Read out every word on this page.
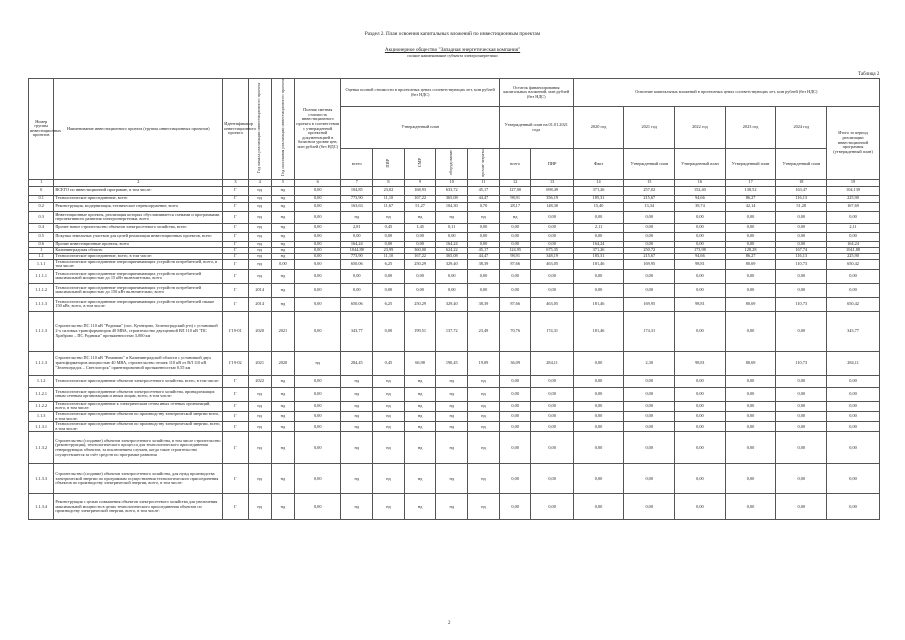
Раздел 2. План освоения капитальных вложений по инвестиционным проектам
Акционерное общество "Западная энергетическая компания"
полное наименование субъекта электроэнергетики
Таблица 2
Номер группы инвестиционных проектов	Наименование инвестиционного проекта (группы инвестиционных проектов)	Идентификатор инвестиционного проекта	Год начала реализации инвестиционного проекта	Год окончания реализации инвестиционного проекта	Полная сметная стоимость инвестиционного проекта в соответствии с утвержденной проектной документацией в базисном уровне цен, млн рублей (без НДС)	Оценка полной стоимости в прогнозных ценах соответствующих лет, млн рублей (без НДС)					Остаток финансирования капитальных вложений, млн рублей (без НДС)		Освоение капитальных вложений в прогнозных ценах соответствующих лет, млн рублей (без НДС)					
						Утвержденный план					Утвержденный план на 01.01.2021 года		2020 год	2021 год	2022 год	2023 год	2024 год	Итого за период реализации инвестиционной программы (утвержденный план)
						всего	ПИР	СМР	оборудование	прочие затраты	всего	ПИР	Факт	Утвержденный план	Утвержденный план	Утвержденный план	Утвержденный план	
1	2	3	4	5	6	7	8	9	10	11	12	13	14	15	16	17	18	19
0	ВСЕГО по инвестиционной программе, в том числе:	Г	нд	нд	0,00	104,85	23,02	168,93	633,72	45,17	127,00	698,49	371,26	257,02	152,40	138,52	163,47	104,139
0.1	Технологическое присоединение, всего	Г	нд	нд	0,00	773,90	11,10	167,22	365,08	44,47	98,91	356,19	185,31	215,67	94,66	86,27	116,13	225,90
0.2	Реконструкция, модернизация, техническое перевооружение, всего	Г	нд	нд	0,00	163,63	11,67	51,27	104,30	0,70	28,17	148,30	15,40	13,34	39,74	42,14	51,28	167,69
0.3	Инвестиционные проекты, реализация которых обуславливается схемами и программами перспективного развития электроэнергетики, всего	Г	нд	нд	0,00	нд	нд	нд	нд	нд	нд	0,00	0,00	0,00	0,00	0,00	0,00	0,00
0.4	Прочее новое строительство объектов электросетевого хозяйства, всего	Г	нд	нд	0,00	2,81	0,45	1,45	0,11	0,00	0,00	0,00	2,11	0,00	0,00	0,00	0,00	2,11
0.5	Покупка земельных участков для целей реализации инвестиционных проектов, всего	Г	нд	нд	0,00	0,00	0,00	0,00	0,00	0,00	0,00	0,00	0,00	0,00	0,00	0,00	0,00	0,00
0.6	Прочие инвестиционные проекты, всего	Г	нд	нд	0,00	164,24	0,00	0,00	164,24	0,00	0,00	0,00	164,24	0,00	0,00	0,00	0,00	164,24
1	Калининградская область	Г	нд	нд	0,00	1044,88	23,99	360,00	624,22	45,17	124,95	675,35	371,26	250,72	173,98	128,28	167,74	1041,88
1.1	Технологическое присоединение, всего, в том числе:	Г	нд	нд	0,00	773,90	11,10	167,22	365,08	44,47	98,91	348,19	185,31	215,67	94,66	86,27	116,13	225,90
1.1.1	Технологическое присоединение энергопринимающих устройств потребителей, всего, в том числе:	Г	нд	0,00	0,00	650,06	6,25	250,29	329,40	38,39	87,66	463,05	181,46	169,95	98,81	80,69	110,73	650,42
1.1.1.1	Технологическое присоединение энергопринимающих устройств потребителей максимальной мощностью до 15 кВт включительно, всего	Г	нд	нд	0,00	0,00	0,00	0,00	0,00	0,00	0,00	0,00	0,00	0,00	0,00	0,00	0,00	0,00
1.1.1.2	Технологическое присоединение энергопринимающих устройств потребителей максимальной мощностью до 150 кВт включительно, всего	Г	2014	нд	0,00	0,00	0,00	0,00	0,00	0,00	0,00	0,00	0,00	0,00	0,00	0,00	0,00	0,00
1.1.1.3	Технологическое присоединение энергопринимающих устройств потребителей свыше 150 кВт, всего, в том числе:	Г	2014	нд	0,00	650,06	6,25	250,29	329,40	38,39	87,66	463,05	181,46	169,95	98,81	80,69	110,73	650,42
1.1.1.3	Строительство ПС 110 кВ "Родники" (пос. Кузнецово, Зеленоградский р-н) с установкой 2-х силовых трансформаторов 40 МВА, строительство двухцепной ВЛ 110 кВ "ПС Храброво – ПС Родники" протяженностью 3,000 км	Г19-01	2020	2021	0,00	343,77	0,00	199,51	137,72	23,49	70,76	174,31	181,46	174,31	0,00	0,00	0,00	343,77
1.1.1.3	Строительство ПС 110 кВ "Романово" в Калининградской области с установкой двух трансформаторов мощностью 40 МВА, строительство отпаек 110 кВ от ВЛ 110 кВ "Зеленоградск – Светлогорск" ориентировочной протяженностью 0,55 км	Г19-02	2021	2020	нд	284,45	0,45	66,98	190,45	19,09	36,09	284,11	0,00	2,30	98,81	80,69	110,73	284,11
1.1.2	Технологическое присоединение объектов электросетевого хозяйства, всего, в том числе:	Г	2022	нд	0,00	нд	нд	нд	нд	нд	0,00	0,00	0,00	0,00	0,00	0,00	0,00	0,00
1.1.2.1	Технологическое присоединение объектов электросетевого хозяйства, принадлежащих иным сетевым организациям и иным лицам, всего, в том числе:	Г	нд	нд	0,00	нд	нд	нд	нд	нд	0,00	0,00	0,00	0,00	0,00	0,00	0,00	0,00
1.1.2.2	Технологическое присоединение к электрическим сетям иных сетевых организаций, всего, в том числе:	Г	нд	нд	0,00	нд	нд	нд	нд	нд	0,00	0,00	0,00	0,00	0,00	0,00	0,00	0,00
1.1.3	Технологическое присоединение объектов по производству электрической энергии всего, в том числе:	Г	нд	нд	0,00	нд	нд	нд	нд	нд	0,00	0,00	0,00	0,00	0,00	0,00	0,00	0,00
1.1.3.1	Технологическое присоединение объектов по производству электрической энергии, всего, в том числе:	Г	нд	нд	0,00	нд	нд	нд	нд	нд	0,00	0,00	0,00	0,00	0,00	0,00	0,00	0,00
1.1.3.2	Строительство (создание) объектов электросетевого хозяйства, в том числе строительство (реконструкция), технологического процесса для технологического присоединения генерирующих объектов, за исключением случаев, когда такое строительство осуществляется за счёт средств по программе развития	Г	нд	нд	0,00	нд	нд	нд	нд	нд	0,00	0,00	0,00	0,00	0,00	0,00	0,00	0,00
1.1.3.3	Строительство (создание) объектов электросетевого хозяйства, для нужд производства электрической энергии по программам осуществления технологического присоединения объектов по производству электрической энергии, всего, в том числе:	Г	нд	нд	0,00	нд	нд	нд	нд	нд	0,00	0,00	0,00	0,00	0,00	0,00	0,00	0,00
1.1.3.4	Реконструкция с целью повышения объектов электросетевого хозяйства для увеличения максимальной мощности в целях технологического присоединения объектов по производству электрической энергии, всего, в том числе:	Г	нд	нд	0,00	нд	нд	нд	нд	нд	0,00	0,00	0,00	0,00	0,00	0,00	0,00	0,00
2
